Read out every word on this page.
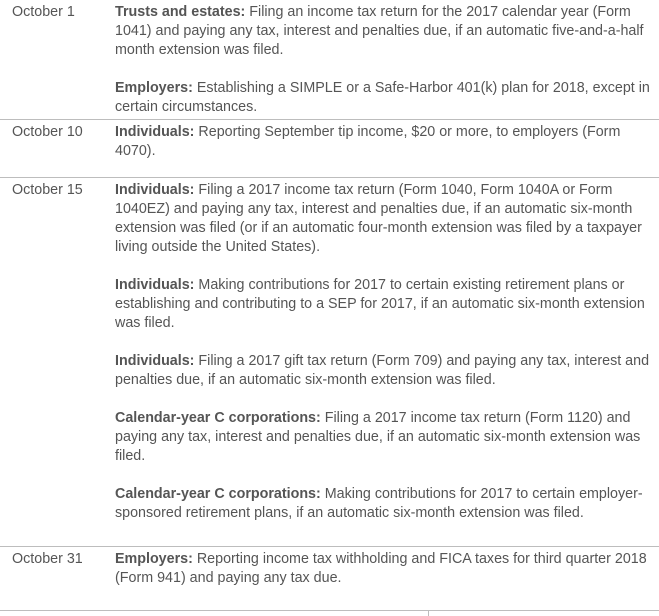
October 1	Trusts and estates: Filing an income tax return for the 2017 calendar year (Form 1041) and paying any tax, interest and penalties due, if an automatic five-and-a-half month extension was filed.

Employers: Establishing a SIMPLE or a Safe-Harbor 401(k) plan for 2018, except in certain circumstances.

October 10	Individuals: Reporting September tip income, $20 or more, to employers (Form 4070).

October 15	Individuals: Filing a 2017 income tax return (Form 1040, Form 1040A or Form 1040EZ) and paying any tax, interest and penalties due, if an automatic six-month extension was filed (or if an automatic four-month extension was filed by a taxpayer living outside the United States).

Individuals: Making contributions for 2017 to certain existing retirement plans or establishing and contributing to a SEP for 2017, if an automatic six-month extension was filed.

Individuals: Filing a 2017 gift tax return (Form 709) and paying any tax, interest and penalties due, if an automatic six-month extension was filed.

Calendar-year C corporations: Filing a 2017 income tax return (Form 1120) and paying any tax, interest and penalties due, if an automatic six-month extension was filed.

Calendar-year C corporations: Making contributions for 2017 to certain employer-sponsored retirement plans, if an automatic six-month extension was filed.

October 31	Employers: Reporting income tax withholding and FICA taxes for third quarter 2018 (Form 941) and paying any tax due.
